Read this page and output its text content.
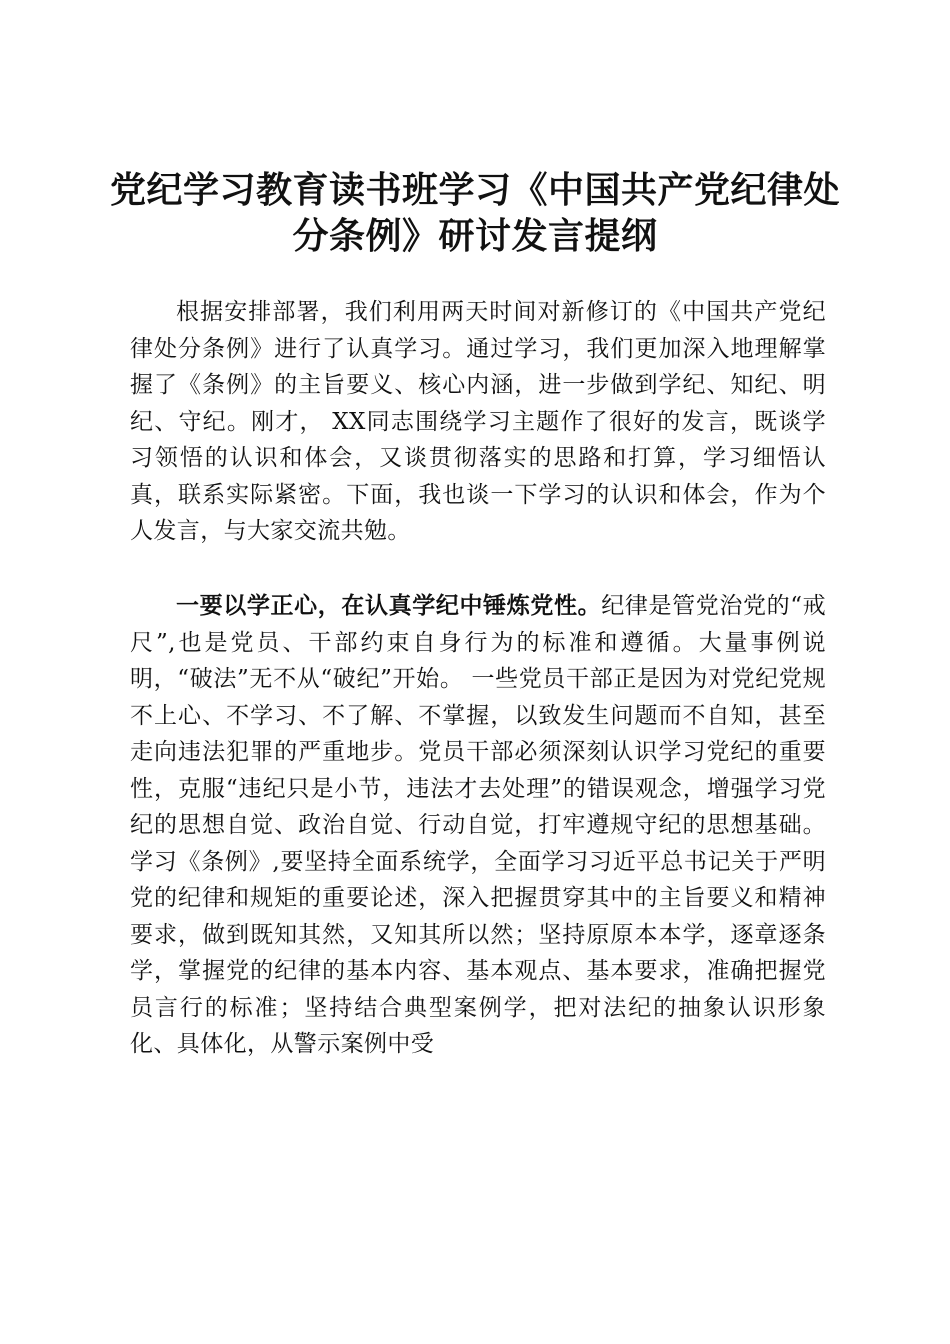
党纪学习教育读书班学习《中国共产党纪律处分条例》研讨发言提纲

根据安排部署，我们利用两天时间对新修订的《中国共产党纪律处分条例》进行了认真学习。通过学习，我们更加深入地理解掌握了《条例》的主旨要义、核心内涵，进一步做到学纪、知纪、明纪、守纪。刚才， XX同志围绕学习主题作了很好的发言，既谈学习领悟的认识和体会，又谈贯彻落实的思路和打算，学习细悟认真，联系实际紧密。下面，我也谈一下学习的认识和体会，作为个人发言，与大家交流共勉。

一要以学正心，在认真学纪中锤炼党性。纪律是管党治党的“戒尺”,也是党员、干部约束自身行为的标准和遵循。大量事例说明，“破法”无不从“破纪”开始。 一些党员干部正是因为对党纪党规不上心、不学习、不了解、不掌握，以致发生问题而不自知，甚至走向违法犯罪的严重地步。党员干部必须深刻认识学习党纪的重要性，克服“违纪只是小节，违法才去处理”的错误观念，增强学习党纪的思想自觉、政治自觉、行动自觉，打牢遵规守纪的思想基础。学习《条例》,要坚持全面系统学，全面学习习近平总书记关于严明党的纪律和规矩的重要论述，深入把握贯穿其中的主旨要义和精神要求，做到既知其然，又知其所以然；坚持原原本本学，逐章逐条学，掌握党的纪律的基本内容、基本观点、基本要求，准确把握党员言行的标准；坚持结合典型案例学，把对法纪的抽象认识形象化、具体化，从警示案例中受
